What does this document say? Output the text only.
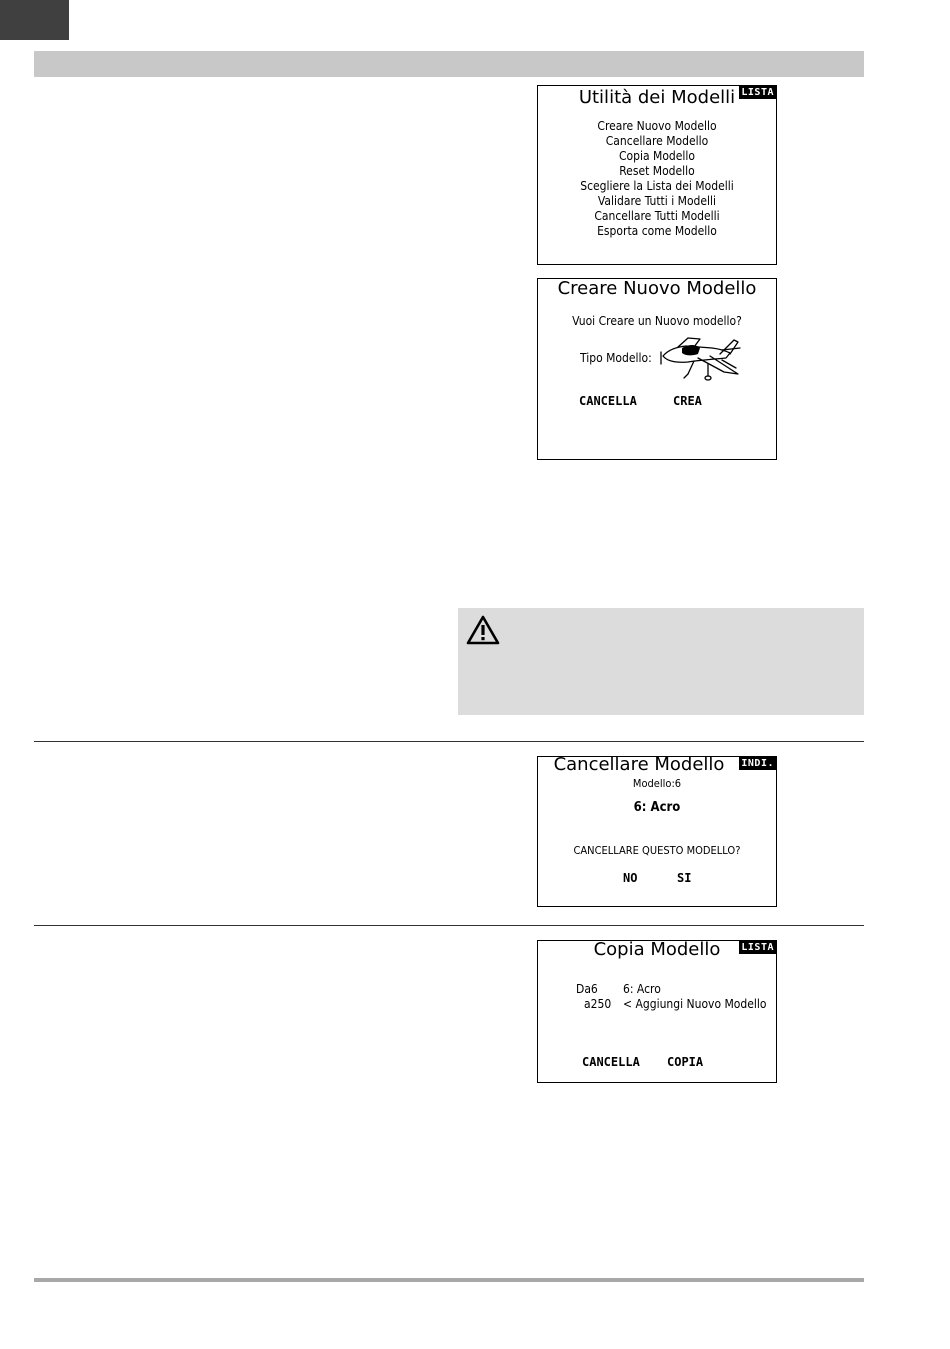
Utilità dei Modelli LISTA
Creare Nuovo Modello
Cancellare Modello
Copia Modello
Reset Modello
Scegliere la Lista dei Modelli
Validare Tutti i Modelli
Cancellare Tutti Modelli
Esporta come Modello
Creare Nuovo Modello
Vuoi Creare un Nuovo modello?
Tipo Modello:
CANCELLA	CREA
Cancellare Modello	INDI.
Modello:6
6: Acro
CANCELLARE QUESTO MODELLO?
NO	SI
Copia Modello	LISTA
Da6 6: Acro
a250 < Aggiungi Nuovo Modello
CANCELLA COPIA
